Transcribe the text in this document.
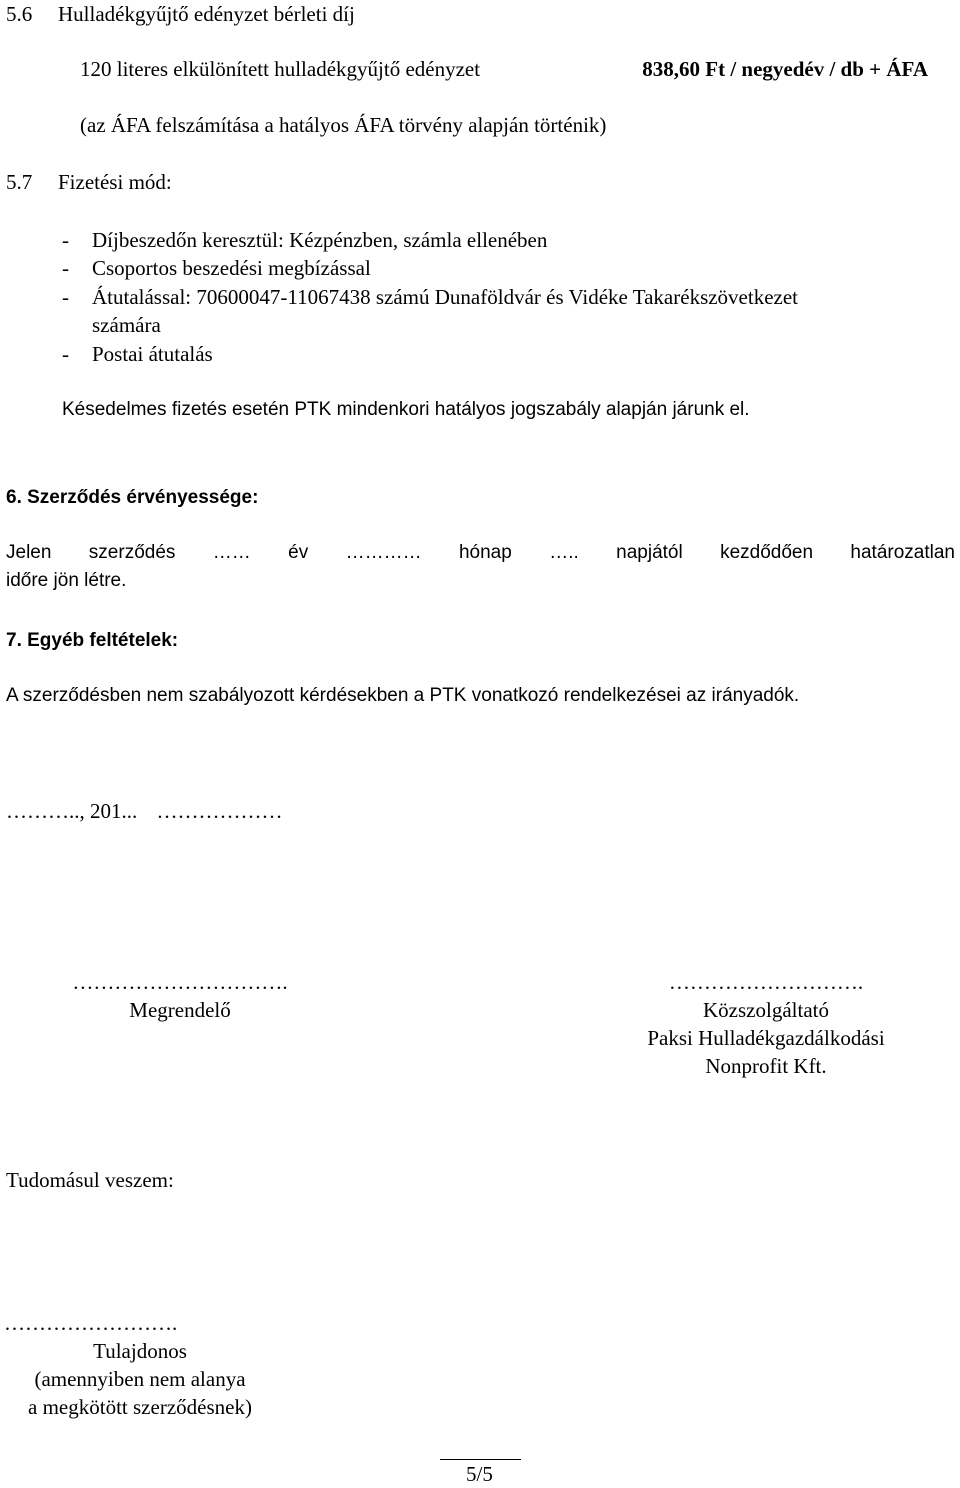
5.6 Hulladékgyűjtő edényzet bérleti díj
120 literes elkülönített hulladékgyűjtő edényzet	838,60 Ft / negyedév / db + ÁFA
(az ÁFA felszámítása a hatályos ÁFA törvény alapján történik)
5.7 Fizetési mód:
- Díjbeszedőn keresztül: Kézpénzben, számla ellenében
- Csoportos beszedési megbízással
- Átutalással: 70600047-11067438 számú Dunaföldvár és Vidéke Takarékszövetkezet
számára
- Postai átutalás
Késedelmes fizetés esetén PTK mindenkori hatályos jogszabály alapján járunk el.
6. Szerződés érvényessége:
Jelen szerződés …… év ………… hónap ….. napjától kezdődően határozatlan
időre jön létre.
7. Egyéb feltételek:
A szerződésben nem szabályozott kérdésekben a PTK vonatkozó rendelkezései az irányadók.
……….., 201... ………………
………………………….
Megrendelő
……………………….
Közszolgáltató
Paksi Hulladékgazdálkodási
Nonprofit Kft.
Tudomásul veszem:
…………………….
Tulajdonos
(amennyiben nem alanya
a megkötött szerződésnek)
5/5
